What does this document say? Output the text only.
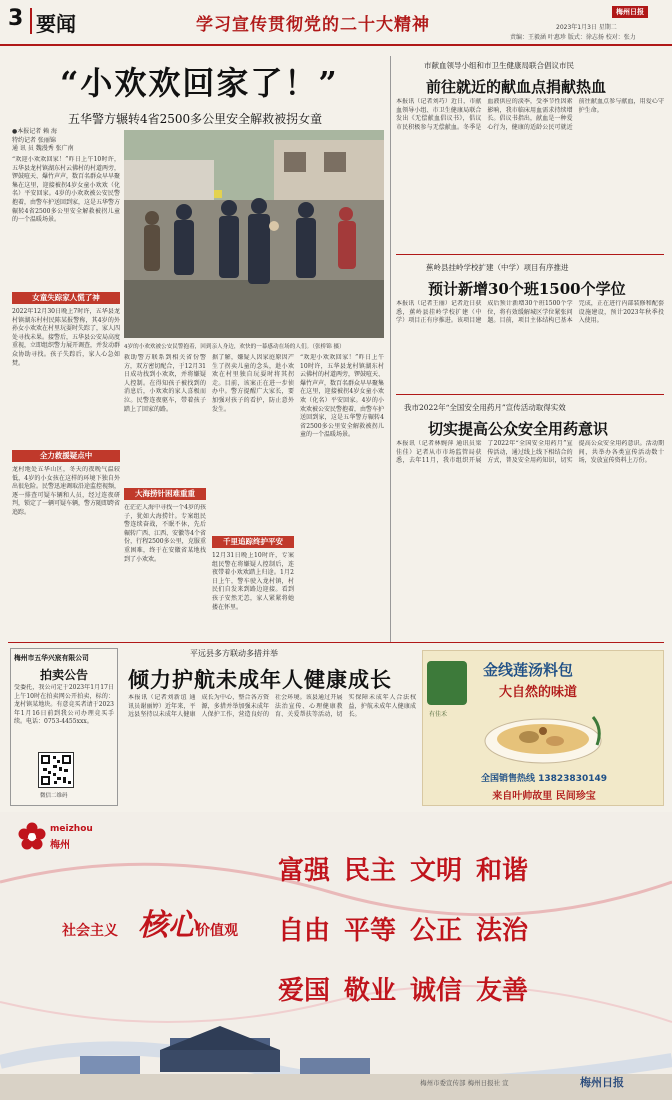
3 要闻	学习宣传贯彻党的二十大精神
梅州日报
2023年1月3日 星期二
责编：王毅涵 叶惠珍 版式：徐志扬 校对：张力
“小欢欢回家了！”
五华警方辗转4省2500多公里安全解救被拐女童
●本报记者 赖 海
特约记者 张丽锦
通 讯 员 魏漫秀 张广南
“欢迎小欢欢回家！”昨日上午10时许，五华县龙村镇湖东村云佛村的村道两旁，锣鼓喧天、爆竹声声，数百名群众早早聚集在这里，迎接被拐4岁女童小欢欢（化名）平安回家。4岁的小欢欢被公安民警抱着，由警车护送回到家，这是五华警方辗转4省2500多公里安全解救被拐儿童的一个温暖场景。
女童失踪家人慌了神
2022年12月30日晚上7时许，五华县龙村镇湖东村村民陈某报警称，其4岁的外孙女小欢欢在村里玩耍时失踪了，家人四处寻找未果。接警后，五华县公安局高度重视，立即组织警力展开调查，并发动群众协助寻找。孩子失踪后，家人心急如焚。
全力救援疑点中
龙村地处五华山区，冬天的夜晚气温较低，4岁的小女孩在这样的环境下独自外出很危险。民警迅速调取沿途监控视频，逐一排查可疑车辆和人员，经过连夜研判，锁定了一辆可疑车辆，警方随即跨省追踪。
4岁的小欢欢被公安民警抱着，回到亲人身边，欢快的一幕感动在场的人们。（张桥锦 摄）
救助警方联系到相关省份警方，双方密切配合，于12月31日成功找到小欢欢，并将嫌疑人控制。在得知孩子被找到的消息后，小欢欢的家人喜极而泣。民警连夜驱车，带着孩子踏上了回家的路。
大海捞针困难重重
在茫茫人海中寻找一个4岁的孩子，犹如大海捞针。专案组民警连续奋战，不眠不休，先后辗转广西、江西、安徽等4个省份，行程2500多公里，克服重重困难，终于在安徽省某地找到了小欢欢。
据了解，嫌疑人因家庭原因产生了拐卖儿童的念头，趁小欢欢在村里独自玩耍时将其拐走。目前，该案正在进一步侦办中。警方提醒广大家长，要加强对孩子的看护，防止意外发生。
千里追踪终护平安
12月31日晚上10时许，专案组民警在将嫌疑人控制后，连夜带着小欢欢踏上归途。1月2日上午，警车驶入龙村镇，村民们自发来到路边迎接。看到孩子安然无恙，家人紧紧将她搂在怀里。
“欢迎小欢欢回家！”昨日上午10时许，五华县龙村镇湖东村云佛村的村道两旁，锣鼓喧天、爆竹声声，数百名群众早早聚集在这里，迎接被拐4岁女童小欢欢（化名）平安回家。4岁的小欢欢被公安民警抱着，由警车护送回到家，这是五华警方辗转4省2500多公里安全解救被拐儿童的一个温暖场景。
市献血领导小组和市卫生健康局联合倡议市民
前往就近的献血点捐献热血
本报讯（记者刘巧）近日，市献血领导小组、市卫生健康局联合发出《无偿献血倡议书》，倡议市民积极参与无偿献血。冬季是血液供应的淡季，受季节性因素影响，我市临床用血需求持续增长。倡议书指出，献血是一种爱心行为，健康的适龄公民可就近前往献血点参与献血，用爱心守护生命。
蕉岭县挂岭学校扩建（中学）项目有序推进
预计新增30个班1500个学位
本报讯（记者王丽）记者近日获悉，蕉岭县挂岭学校扩建（中学）项目正有序推进。该项目建成后预计新增30个班1500个学位，将有效缓解城区学位紧张问题。目前，项目主体结构已基本完成，正在进行内部装修和配套设施建设，预计2023年秋季投入使用。
我市2022年“全国安全用药月”宣传活动取得实效
切实提高公众安全用药意识
本报讯（记者林婉萍 通讯员梁佳佳）记者从市市场监管局获悉，去年11月，我市组织开展了2022年“全国安全用药月”宣传活动，通过线上线下相结合的方式，普及安全用药知识，切实提高公众安全用药意识。活动期间，共举办各类宣传活动数十场，发放宣传资料上万份。
梅州市五华兴宸有限公司
拍卖公告
受委托，我公司定于2023年1月17日上午10时在拍卖网公开拍卖，标的：龙村镇某地块。有意竞买者请于2023年1月16日前到我公司办理竞买手续。电话：0753-4455xxx。
微信二维码
平远县多方联动多措并举
倾力护航未成年人健康成长
本报讯（记者刘新谊 通讯员谢丽婷）近年来，平远县坚持以未成年人健康成长为中心，整合各方资源，多措并举加强未成年人保护工作，营造良好的社会环境。该县通过开展法治宣传、心理健康教育、关爱帮扶等活动，切实保障未成年人合法权益，护航未成年人健康成长。	有佳禾
金线莲汤料包
大自然的味道
全国销售热线 13823830149
来自叶帅故里 民间珍宝
meizhou
梅州
社会主义 核心
价值观
富强 民主 文明 和谐
自由 平等 公正 法治
爱国 敬业 诚信 友善
梅州市委宣传部 梅州日报社 宣	梅州日报
